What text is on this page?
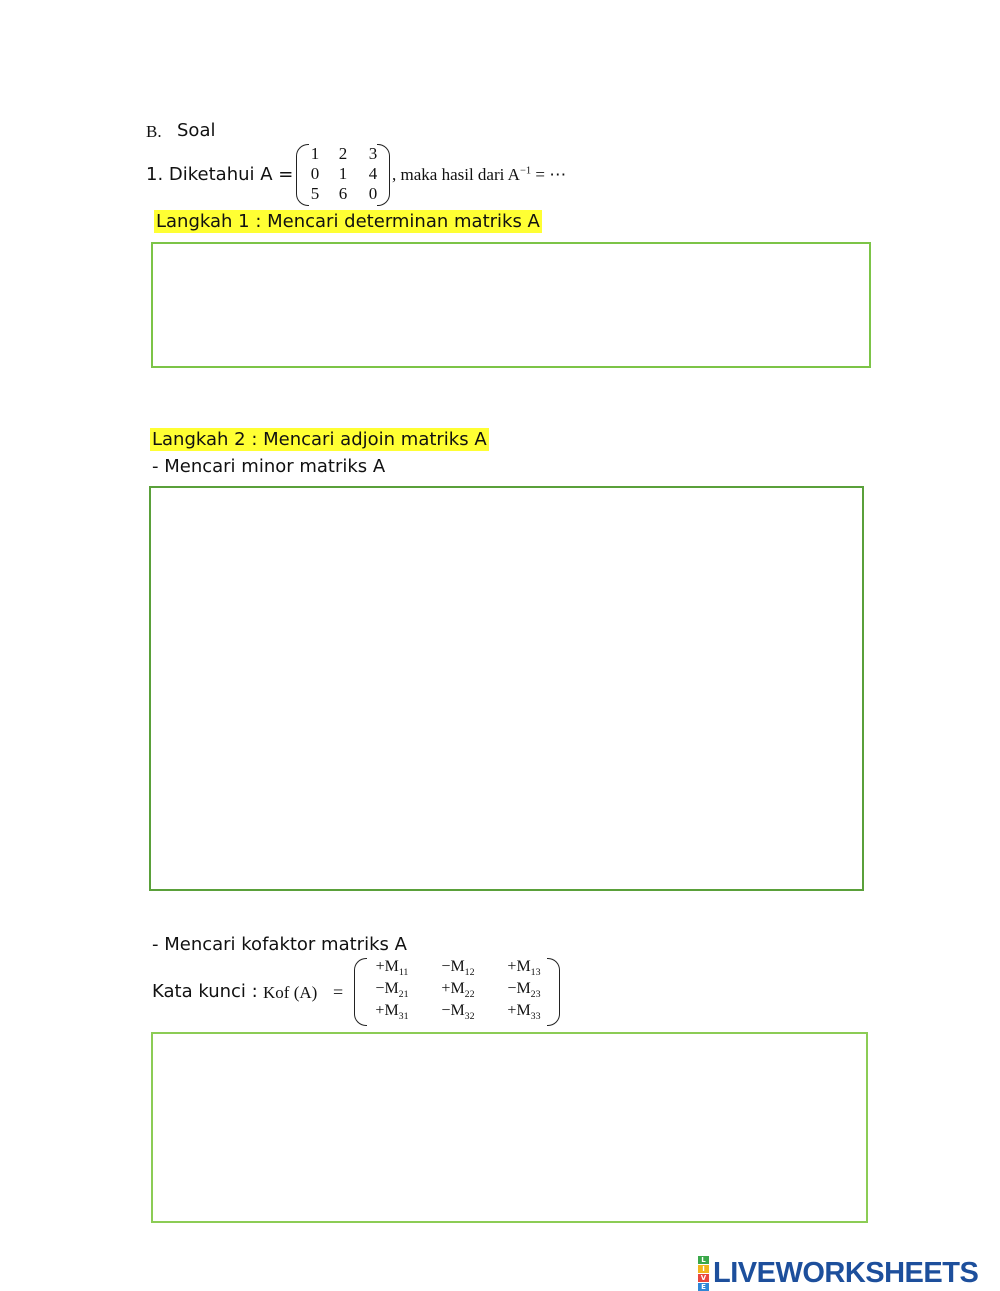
B. Soal
1. Diketahui A =
1 2 3
0 1 4
5 6 0
, maka hasil dari $A^{-1}$ = ⋯
Langkah 1 : Mencari determinan matriks A
Langkah 2 : Mencari adjoin matriks A
- Mencari minor matriks A
- Mencari kofaktor matriks A
Kata kunci : Kof (A) =
$+M_{11}$	$-M_{12}$	$+M_{13}$
$-M_{21}$	$+M_{22}$	$-M_{23}$
$+M_{31}$	$-M_{32}$	$+M_{33}$
L
I
V
E LIVEWORKSHEETS
